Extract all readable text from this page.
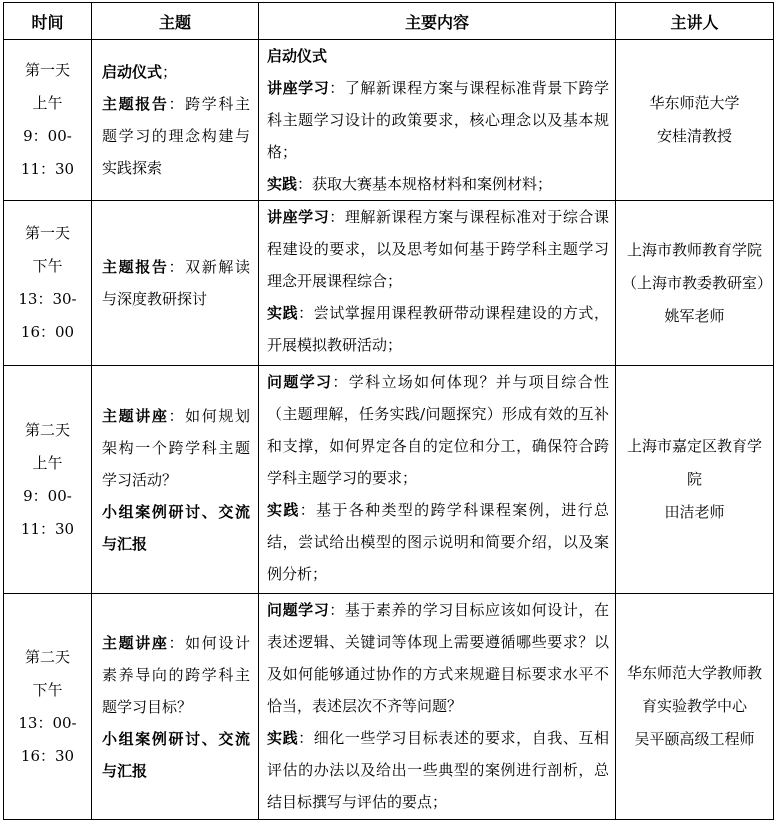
时间	主题	主要内容	主讲人

第一天
上午
9：00-
11：30	启动仪式；
主题报告：跨学科主题学习的理念构建与实践探索	启动仪式
讲座学习：了解新课程方案与课程标准背景下跨学科主题学习设计的政策要求，核心理念以及基本规格；
实践：获取大赛基本规格材料和案例材料；	华东师范大学
安桂清教授

第一天
下午
13：30-
16：00	主题报告：双新解读与深度教研探讨	讲座学习：理解新课程方案与课程标准对于综合课程建设的要求，以及思考如何基于跨学科主题学习理念开展课程综合；
实践：尝试掌握用课程教研带动课程建设的方式，开展模拟教研活动；	上海市教师教育学院（上海市教委教研室）
姚军老师

第二天
上午
9：00-
11：30	主题讲座：如何规划架构一个跨学科主题学习活动？
小组案例研讨、交流与汇报	问题学习：学科立场如何体现？并与项目综合性（主题理解，任务实践/问题探究）形成有效的互补和支撑，如何界定各自的定位和分工，确保符合跨学科主题学习的要求；
实践：基于各种类型的跨学科课程案例，进行总结，尝试给出模型的图示说明和简要介绍，以及案例分析；	上海市嘉定区教育学院
田洁老师

第二天
下午
13：00-
16：30	主题讲座：如何设计素养导向的跨学科主题学习目标？
小组案例研讨、交流与汇报	问题学习：基于素养的学习目标应该如何设计，在表述逻辑、关键词等体现上需要遵循哪些要求？以及如何能够通过协作的方式来规避目标要求水平不恰当，表述层次不齐等问题？
实践：细化一些学习目标表述的要求，自我、互相评估的办法以及给出一些典型的案例进行剖析，总结目标撰写与评估的要点；	华东师范大学教师教育实验教学中心
吴平颐高级工程师
